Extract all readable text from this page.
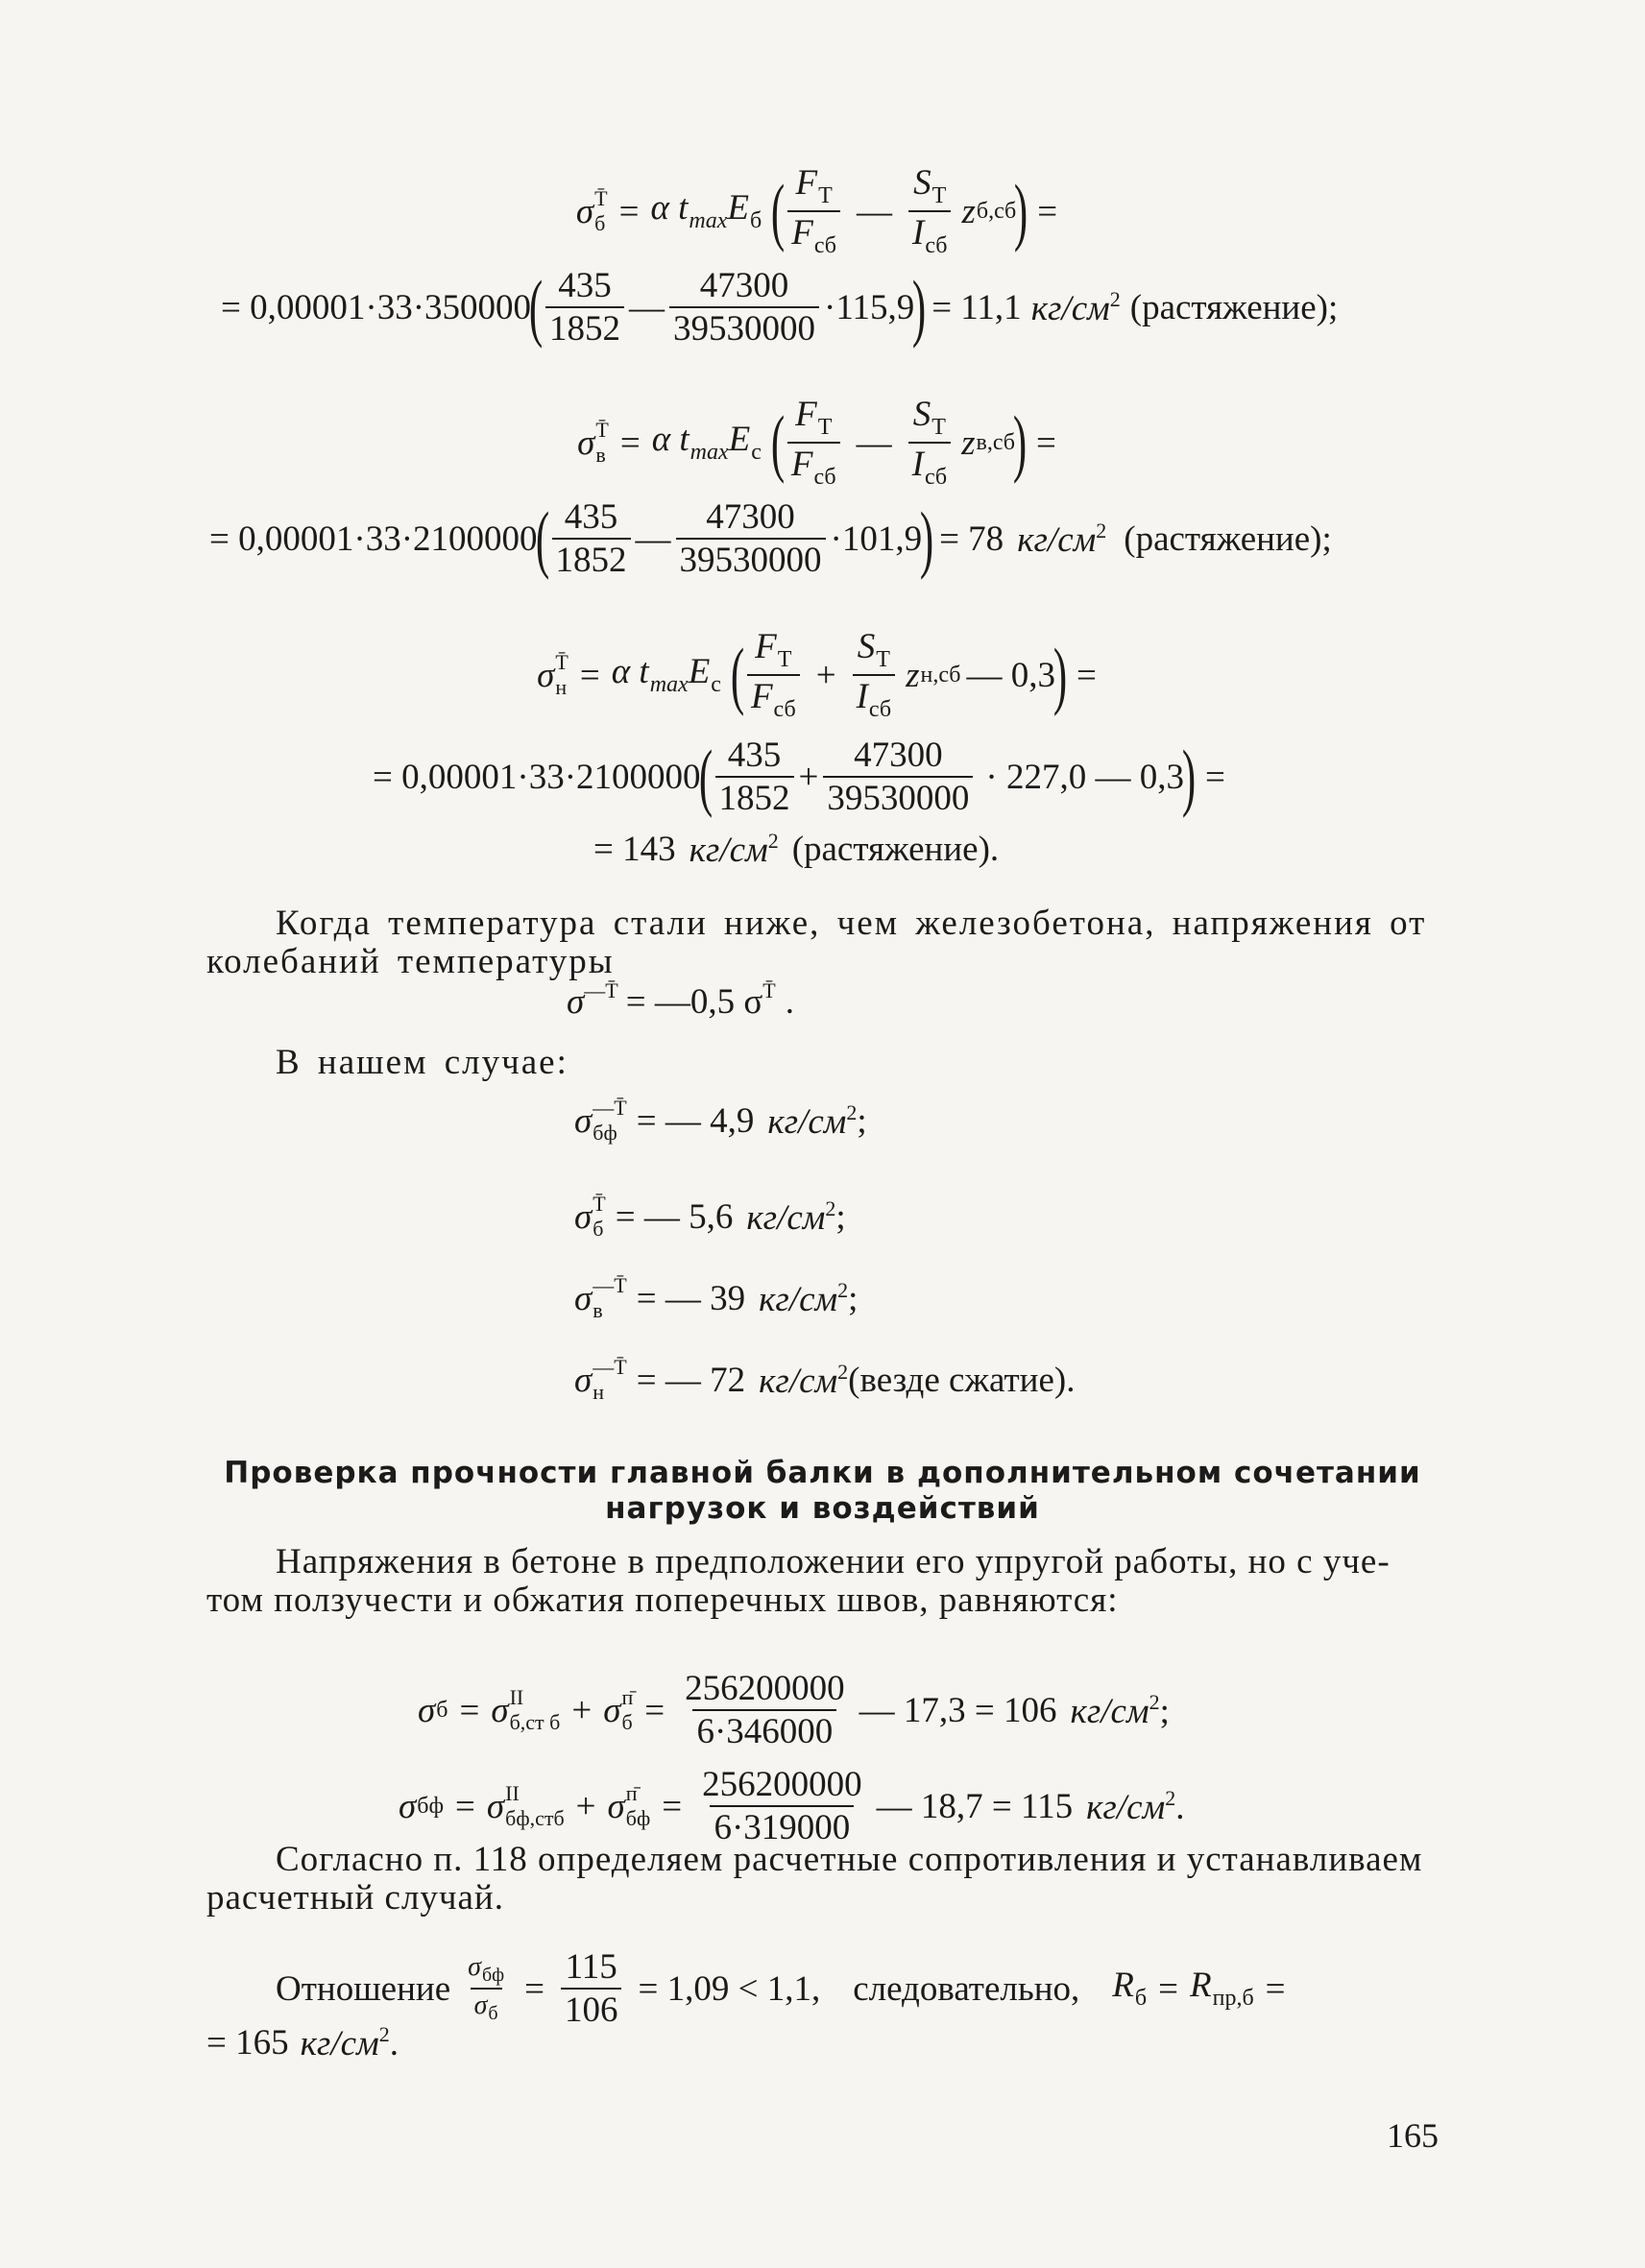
σ T̄
б = α $t_{max}E_б$ ( $\frac{F_T}{F_{сб}}$ — $\frac{S_T}{I_{сб}}$ z б,сб
) =
= 0,00001·33·350000
( $\frac{435}{1852}$ — $\frac{47300}{39530000} \cdot 115,9$
) = 11,1 $кг/см^2$ (растяжение);
σ T̄
в = α $t_{max}E_с$ ( $\frac{F_T}{F_{сб}}$ — $\frac{S_T}{I_{сб}}$ z в,сб
) =
= 0,00001·33·2100000
( $\frac{435}{1852}$ — $\frac{47300}{39530000} \cdot 101,9$
) = 78 $кг/см^2$ (растяжение);
σ T̄
н = α $t_{max}E_с$ ( $\frac{F_T}{F_{сб}} + \frac{S_T}{I_{сб}}$ z н,сб — 0,3
) =
= 0,00001·33·2100000
( $\frac{435}{1852} + \frac{47300}{39530000} \cdot 227,0$ — 0,3
) =
= 143 $кг/см^2$ (растяжение).
Когда температура стали ниже, чем железобетона, напряжения от
колебаний температуры
σ —T̄ = —0,5 σ T̄ .
В нашем случае:
σ —T̄
бф = — 4,9 $кг/см^2$ ;
σ T̄
б = — 5,6 $кг/см^2$ ;
σ —T̄
в = — 39 $кг/см^2$ ;
σ —T̄
н = — 72 $кг/см^2$ (везде сжатие).
Проверка прочности главной балки в дополнительном сочетании
нагрузок и воздействий
Напряжения в бетоне в предположении его упругой работы, но с уче-
том ползучести и обжатия поперечных швов, равняются:
σ б = σ II
б,ст б + σ п̄
$б = \frac{256200000}{6\cdot 346000}$ — 17,3 = 106 $кг/см^2$;
σ бф = σ II
бф,стб + σ п̄
бф = $\frac{256200000}{6\cdot 319000}$ — 18,7 = 115 $кг/см^2$.
Согласно п. 118 определяем расчетные сопротивления и устанавливаем
расчетный случай.
Отношение $\frac{\sigma_{бф}}{\sigma_б} = \frac{115}{106} = 1,09 < 1,1$, следовательно, $R_б = R_{пр,б}$ =
= 165 $кг/см^2$.
165
